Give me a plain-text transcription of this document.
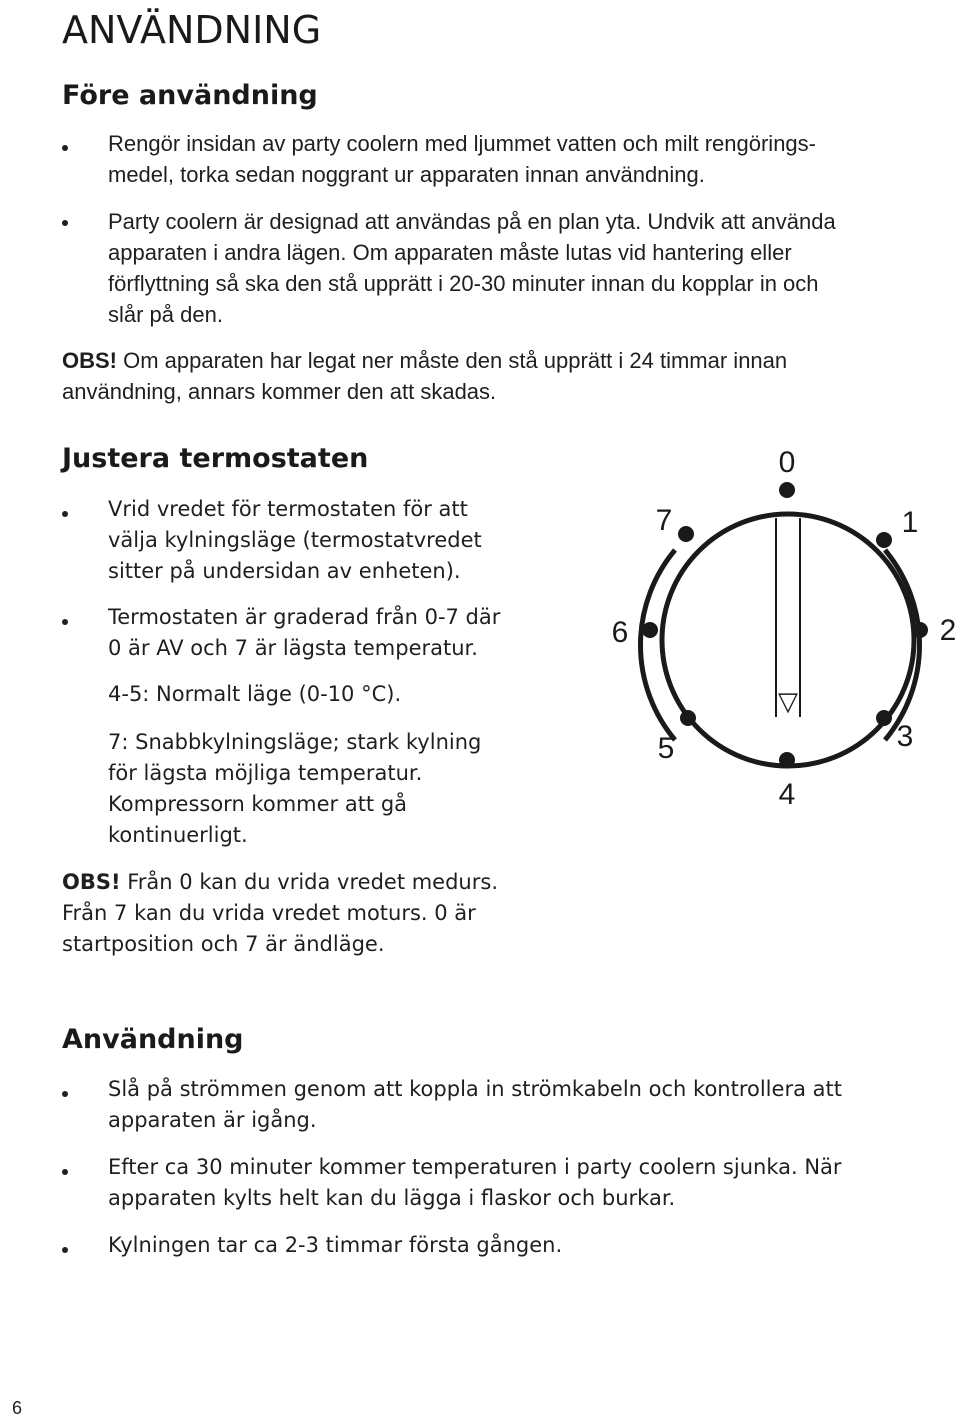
ANVÄNDNING
Före användning
Rengör insidan av party coolern med ljummet vatten och milt rengörings-
medel, torka sedan noggrant ur apparaten innan användning.
Party coolern är designad att användas på en plan yta. Undvik att använda
apparaten i andra lägen. Om apparaten måste lutas vid hantering eller
förflyttning så ska den stå upprätt i 20-30 minuter innan du kopplar in och
slår på den.
OBS! Om apparaten har legat ner måste den stå upprätt i 24 timmar innan
användning, annars kommer den att skadas.
Justera termostaten
Vrid vredet för termostaten för att
välja kylningsläge (termostatvredet
sitter på undersidan av enheten).
Termostaten är graderad från 0-7 där
0 är AV och 7 är lägsta temperatur.
4-5: Normalt läge (0-10 °C).
7: Snabbkylningsläge; stark kylning
för lägsta möjliga temperatur.
Kompressorn kommer att gå
kontinuerligt.
OBS! Från 0 kan du vrida vredet medurs.
Från 7 kan du vrida vredet moturs. 0 är
startposition och 7 är ändläge.
▽
0
1
2
3
4
5
6
7
Användning
Slå på strömmen genom att koppla in strömkabeln och kontrollera att
apparaten är igång.
Efter ca 30 minuter kommer temperaturen i party coolern sjunka. När
apparaten kylts helt kan du lägga i flaskor och burkar.
Kylningen tar ca 2-3 timmar första gången.
6
